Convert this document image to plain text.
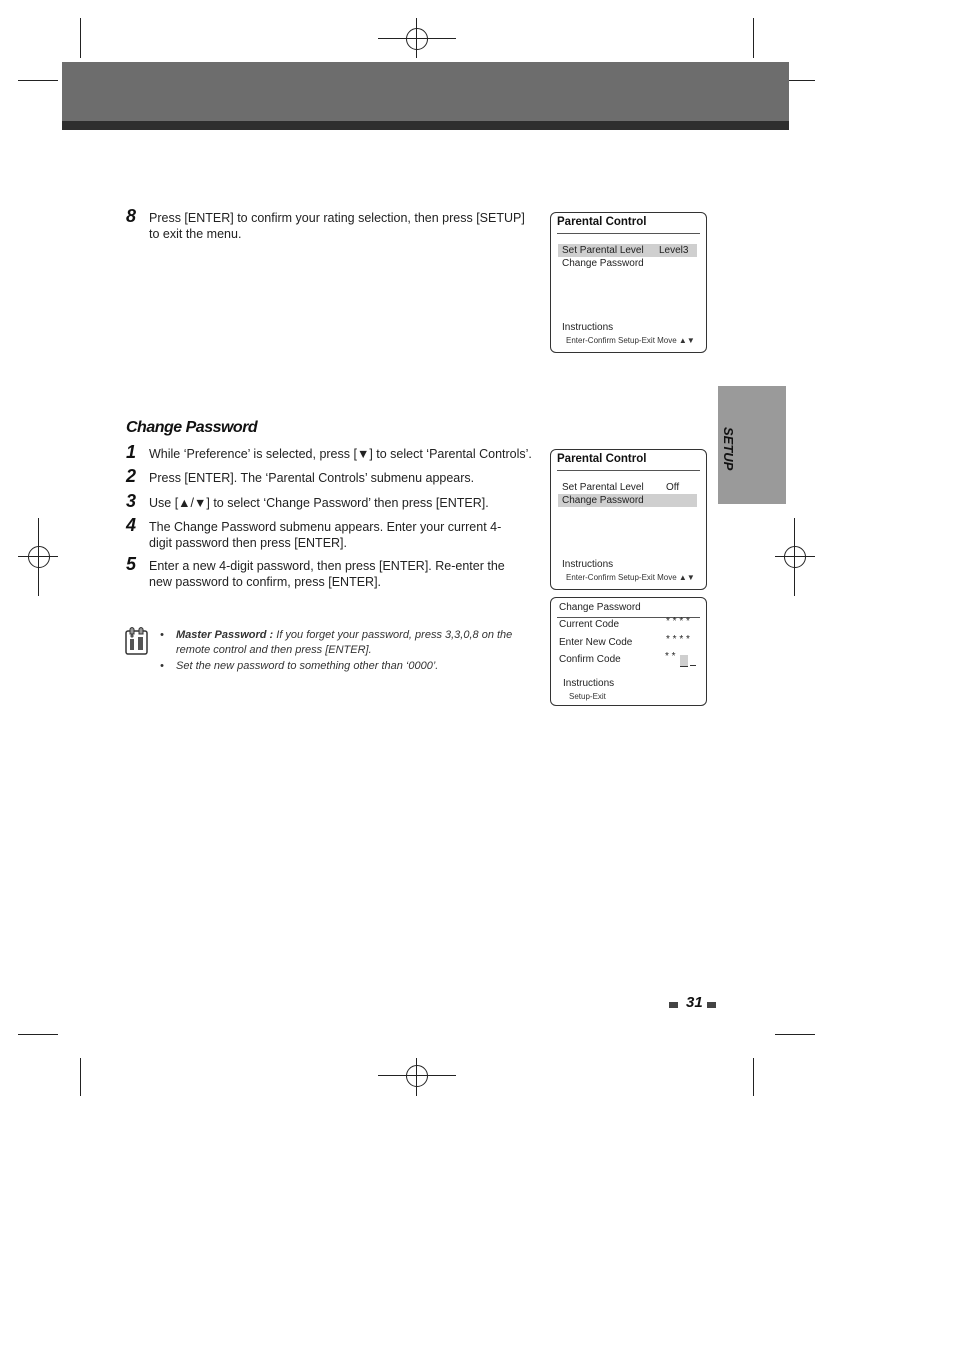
SETUP
8 Press [ENTER] to confirm your rating selection, then press [SETUP] to exit the menu.
Parental Control
Set Parental Level Level3
Change Password
Instructions
Enter-Confirm Setup-Exit Move ▲▼
Change Password
1 While ‘Preference’ is selected, press [▼] to select ‘Parental Controls’.
2 Press [ENTER]. The ‘Parental Controls’ submenu appears.
3 Use [▲/▼] to select ‘Change Password’ then press [ENTER].
4 The Change Password submenu appears. Enter your current 4-digit password then press [ENTER].
5 Enter a new 4-digit password, then press [ENTER]. Re-enter the new password to confirm, press [ENTER].
• Master Password : If you forget your password, press 3,3,0,8 on the remote control and then press [ENTER].
• Set the new password to something other than ‘0000’.
Parental Control
Set Parental Level Off
Change Password
Instructions
Enter-Confirm Setup-Exit Move ▲▼
Change Password
Current Code	* * * *
Enter New Code	* * * *
Confirm Code	* *
Instructions
Setup-Exit
31
